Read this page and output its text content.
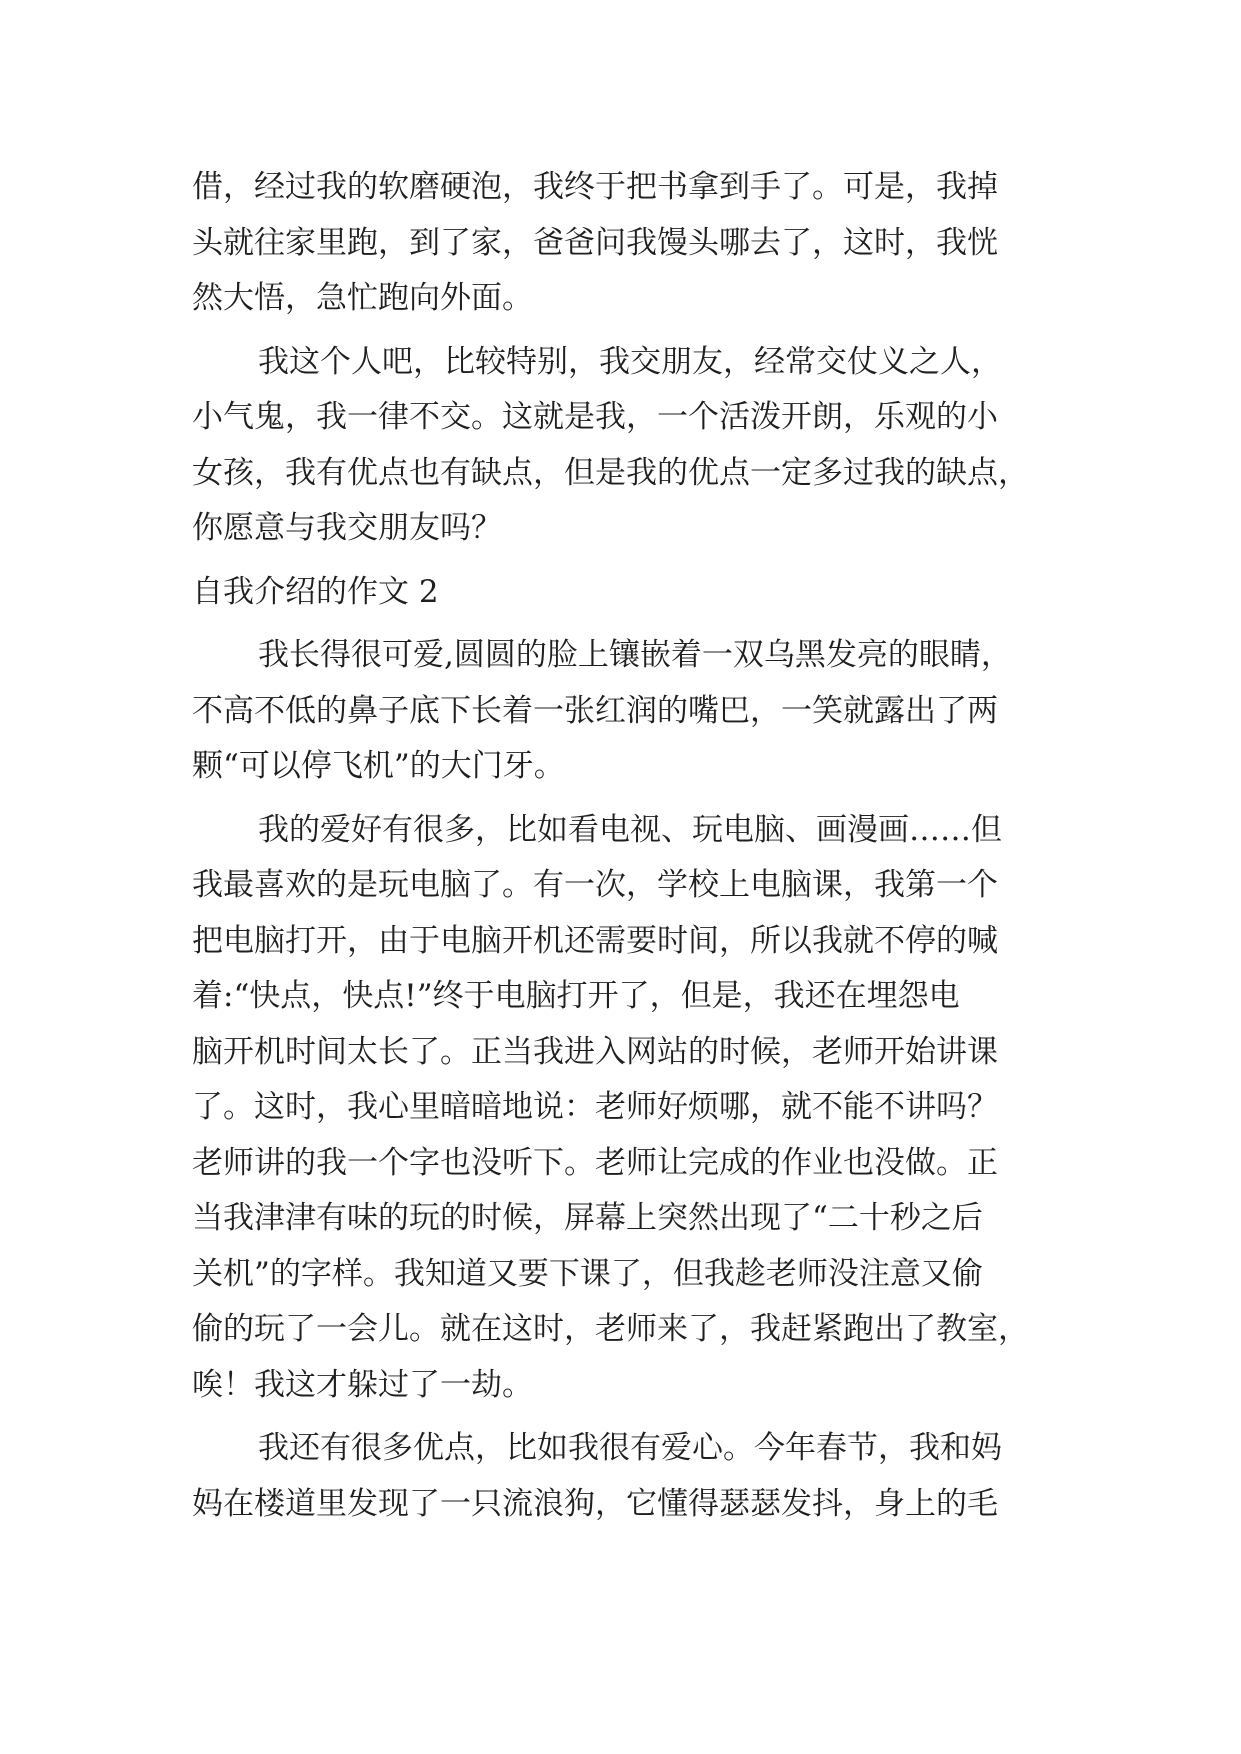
借，经过我的软磨硬泡，我终于把书拿到手了。可是，我掉
头就往家里跑，到了家，爸爸问我馒头哪去了，这时，我恍
然大悟，急忙跑向外面。
我这个人吧，比较特别，我交朋友，经常交仗义之人，
小气鬼，我一律不交。这就是我，一个活泼开朗，乐观的小
女孩，我有优点也有缺点，但是我的优点一定多过我的缺点，
你愿意与我交朋友吗？
自我介绍的作文 2
我长得很可爱,圆圆的脸上镶嵌着一双乌黑发亮的眼睛，
不高不低的鼻子底下长着一张红润的嘴巴，一笑就露出了两
颗“可以停飞机”的大门牙。
我的爱好有很多，比如看电视、玩电脑、画漫画……但
我最喜欢的是玩电脑了。有一次，学校上电脑课，我第一个
把电脑打开，由于电脑开机还需要时间，所以我就不停的喊
着:“快点，快点!”终于电脑打开了，但是，我还在埋怨电
脑开机时间太长了。正当我进入网站的时候，老师开始讲课
了。这时，我心里暗暗地说：老师好烦哪，就不能不讲吗？
老师讲的我一个字也没听下。老师让完成的作业也没做。正
当我津津有味的玩的时候，屏幕上突然出现了“二十秒之后
关机”的字样。我知道又要下课了，但我趁老师没注意又偷
偷的玩了一会儿。就在这时，老师来了，我赶紧跑出了教室，
唉！我这才躲过了一劫。
我还有很多优点，比如我很有爱心。今年春节，我和妈
妈在楼道里发现了一只流浪狗，它懂得瑟瑟发抖，身上的毛
